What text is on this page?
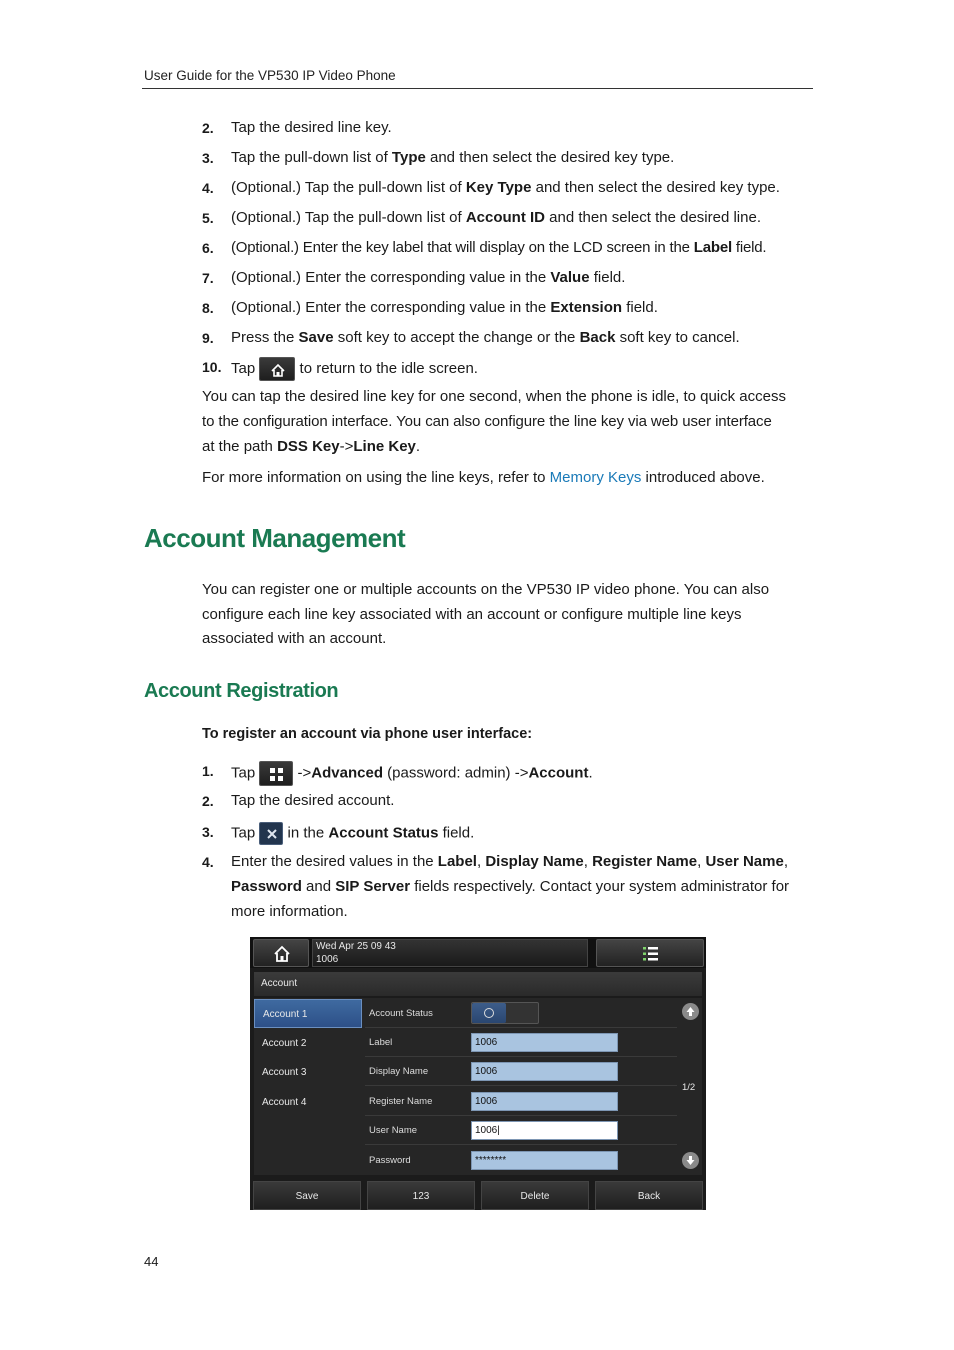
User Guide for the VP530 IP Video Phone
2. Tap the desired line key.
3. Tap the pull-down list of Type and then select the desired key type.
4. (Optional.) Tap the pull-down list of Key Type and then select the desired key type.
5. (Optional.) Tap the pull-down list of Account ID and then select the desired line.
6. (Optional.) Enter the key label that will display on the LCD screen in the Label field.
7. (Optional.) Enter the corresponding value in the Value field.
8. (Optional.) Enter the corresponding value in the Extension field.
9. Press the Save soft key to accept the change or the Back soft key to cancel.
10. Tap	to return to the idle screen.
You can tap the desired line key for one second, when the phone is idle, to quick access
to the configuration interface. You can also configure the line key via web user interface
at the path DSS Key->Line Key.
For more information on using the line keys, refer to Memory Keys introduced above.
Account Management
You can register one or multiple accounts on the VP530 IP video phone. You can also
configure each line key associated with an account or configure multiple line keys
associated with an account.
Account Registration
To register an account via phone user interface:
1. Tap	->Advanced (password: admin) ->Account.
2. Tap the desired account.
3. Tap in the Account Status field.
4. Enter the desired values in the Label, Display Name, Register Name, User Name,
Password and SIP Server fields respectively. Contact your system administrator for
more information.
Wed Apr 25 09 43
1006
Account
Account 1
Account 2
Account 3
Account 4
Account Status
Label	1006
Display Name	1006
Register Name	1006
User Name	1006|
Password	********
1/2
Save	123	Delete	Back
44
